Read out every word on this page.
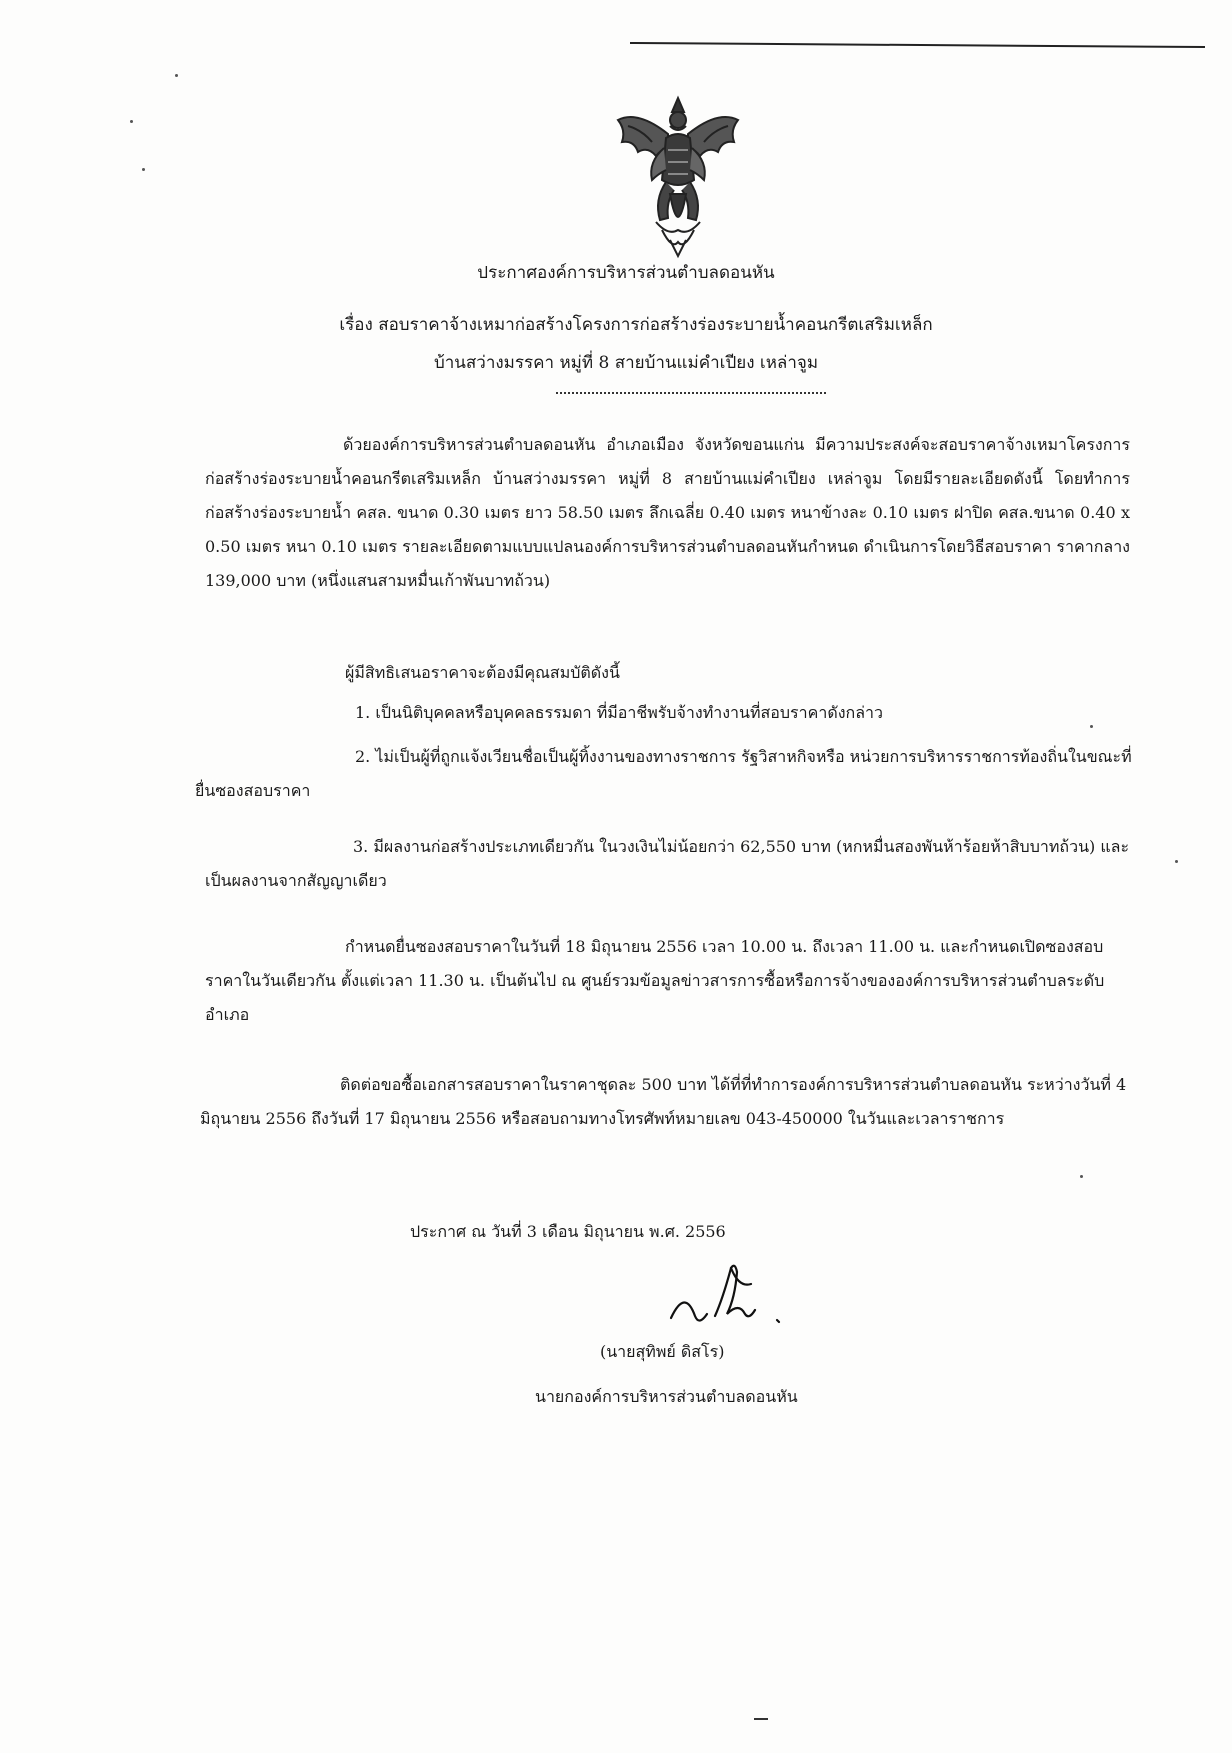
ประกาศองค์การบริหารส่วนตำบลดอนหัน
เรื่อง สอบราคาจ้างเหมาก่อสร้างโครงการก่อสร้างร่องระบายน้ำคอนกรีตเสริมเหล็ก
บ้านสว่างมรรคา หมู่ที่ 8 สายบ้านแม่คำเปียง เหล่าจูม
ด้วยองค์การบริหารส่วนตำบลดอนหัน อำเภอเมือง จังหวัดขอนแก่น มีความประสงค์จะสอบราคาจ้างเหมาโครงการก่อสร้างร่องระบายน้ำคอนกรีตเสริมเหล็ก บ้านสว่างมรรคา หมู่ที่ 8 สายบ้านแม่คำเปียง เหล่าจูม โดยมีรายละเอียดดังนี้ โดยทำการก่อสร้างร่องระบายน้ำ คสล. ขนาด 0.30 เมตร ยาว 58.50 เมตร ลึกเฉลี่ย 0.40 เมตร หนาข้างละ 0.10 เมตร ฝาปิด คสล.ขนาด 0.40 x 0.50 เมตร หนา 0.10 เมตร รายละเอียดตามแบบแปลนองค์การบริหารส่วนตำบลดอนหันกำหนด ดำเนินการโดยวิธีสอบราคา ราคากลาง 139,000 บาท (หนึ่งแสนสามหมื่นเก้าพันบาทถ้วน)
ผู้มีสิทธิเสนอราคาจะต้องมีคุณสมบัติดังนี้
1. เป็นนิติบุคคลหรือบุคคลธรรมดา ที่มีอาชีพรับจ้างทำงานที่สอบราคาดังกล่าว
2. ไม่เป็นผู้ที่ถูกแจ้งเวียนชื่อเป็นผู้ทิ้งงานของทางราชการ รัฐวิสาหกิจหรือ หน่วยการบริหารราชการท้องถิ่นในขณะที่ยื่นซองสอบราคา
3. มีผลงานก่อสร้างประเภทเดียวกัน ในวงเงินไม่น้อยกว่า 62,550 บาท (หกหมื่นสองพันห้าร้อยห้าสิบบาทถ้วน) และเป็นผลงานจากสัญญาเดียว
กำหนดยื่นซองสอบราคาในวันที่ 18 มิถุนายน 2556 เวลา 10.00 น. ถึงเวลา 11.00 น. และกำหนดเปิดซองสอบราคาในวันเดียวกัน ตั้งแต่เวลา 11.30 น. เป็นต้นไป ณ ศูนย์รวมข้อมูลข่าวสารการซื้อหรือการจ้างขององค์การบริหารส่วนตำบลระดับอำเภอ
ติดต่อขอซื้อเอกสารสอบราคาในราคาชุดละ 500 บาท ได้ที่ที่ทำการองค์การบริหารส่วนตำบลดอนหัน ระหว่างวันที่ 4 มิถุนายน 2556 ถึงวันที่ 17 มิถุนายน 2556 หรือสอบถามทางโทรศัพท์หมายเลข 043-450000 ในวันและเวลาราชการ
ประกาศ ณ วันที่ 3 เดือน มิถุนายน พ.ศ. 2556
(นายสุทิพย์ ดิสโร)
นายกองค์การบริหารส่วนตำบลดอนหัน
